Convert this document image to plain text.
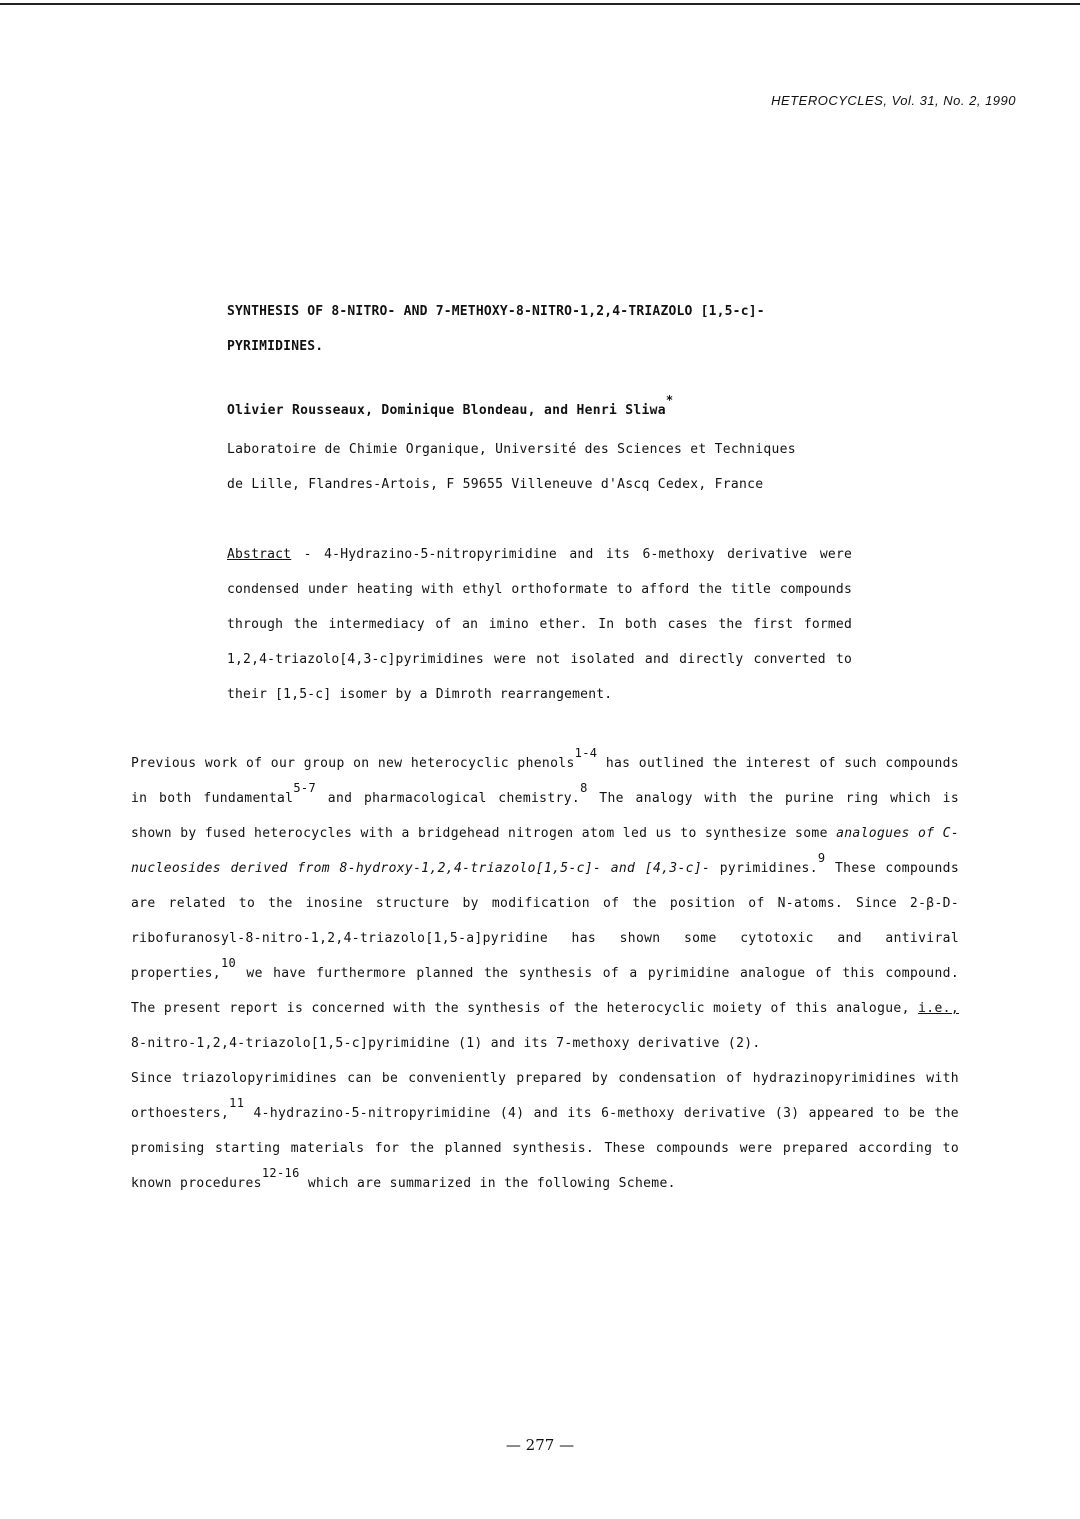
HETEROCYCLES, Vol. 31, No. 2, 1990
SYNTHESIS OF 8-NITRO- AND 7-METHOXY-8-NITRO-1,2,4-TRIAZOLO [1,5-c]-
PYRIMIDINES.
Olivier Rousseaux, Dominique Blondeau, and Henri Sliwa*
Laboratoire de Chimie Organique, Université des Sciences et Techniques
de Lille, Flandres-Artois, F 59655 Villeneuve d'Ascq Cedex, France
Abstract - 4-Hydrazino-5-nitropyrimidine and its 6-methoxy derivative were condensed under heating with ethyl orthoformate to afford the title compounds through the intermediacy of an imino ether. In both cases the first formed 1,2,4-triazolo[4,3-c]pyrimidines were not isolated and directly converted to their [1,5-c] isomer by a Dimroth rearrangement.

Previous work of our group on new heterocyclic phenols$^{1-4}$ has outlined the interest of such compounds in both fundamental$^{5-7}$ and pharmacological chemistry.$^8$ The analogy with the purine ring which is shown by fused heterocycles with a bridgehead nitrogen atom led us to synthesize some analogues of C-nucleosides derived from 8-hydroxy-1,2,4-triazolo[1,5-c]- and [4,3-c]- pyrimidines.$^9$ These compounds are related to the inosine structure by modification of the position of N-atoms. Since 2-β-D-ribofuranosyl-8-nitro-1,2,4-triazolo[1,5-a]pyridine has shown some cytotoxic and antiviral properties,$^{10}$ we have furthermore planned the synthesis of a pyrimidine analogue of this compound. The present report is concerned with the synthesis of the heterocyclic moiety of this analogue, i.e., 8-nitro-1,2,4-triazolo[1,5-c]pyrimidine (1) and its 7-methoxy derivative (2).

Since triazolopyrimidines can be conveniently prepared by condensation of hydrazinopyrimidines with orthoesters,$^{11}$ 4-hydrazino-5-nitropyrimidine (4) and its 6-methoxy derivative (3) appeared to be the promising starting materials for the planned synthesis. These compounds were prepared according to known procedures$^{12-16}$ which are summarized in the following Scheme.

— 277 —
